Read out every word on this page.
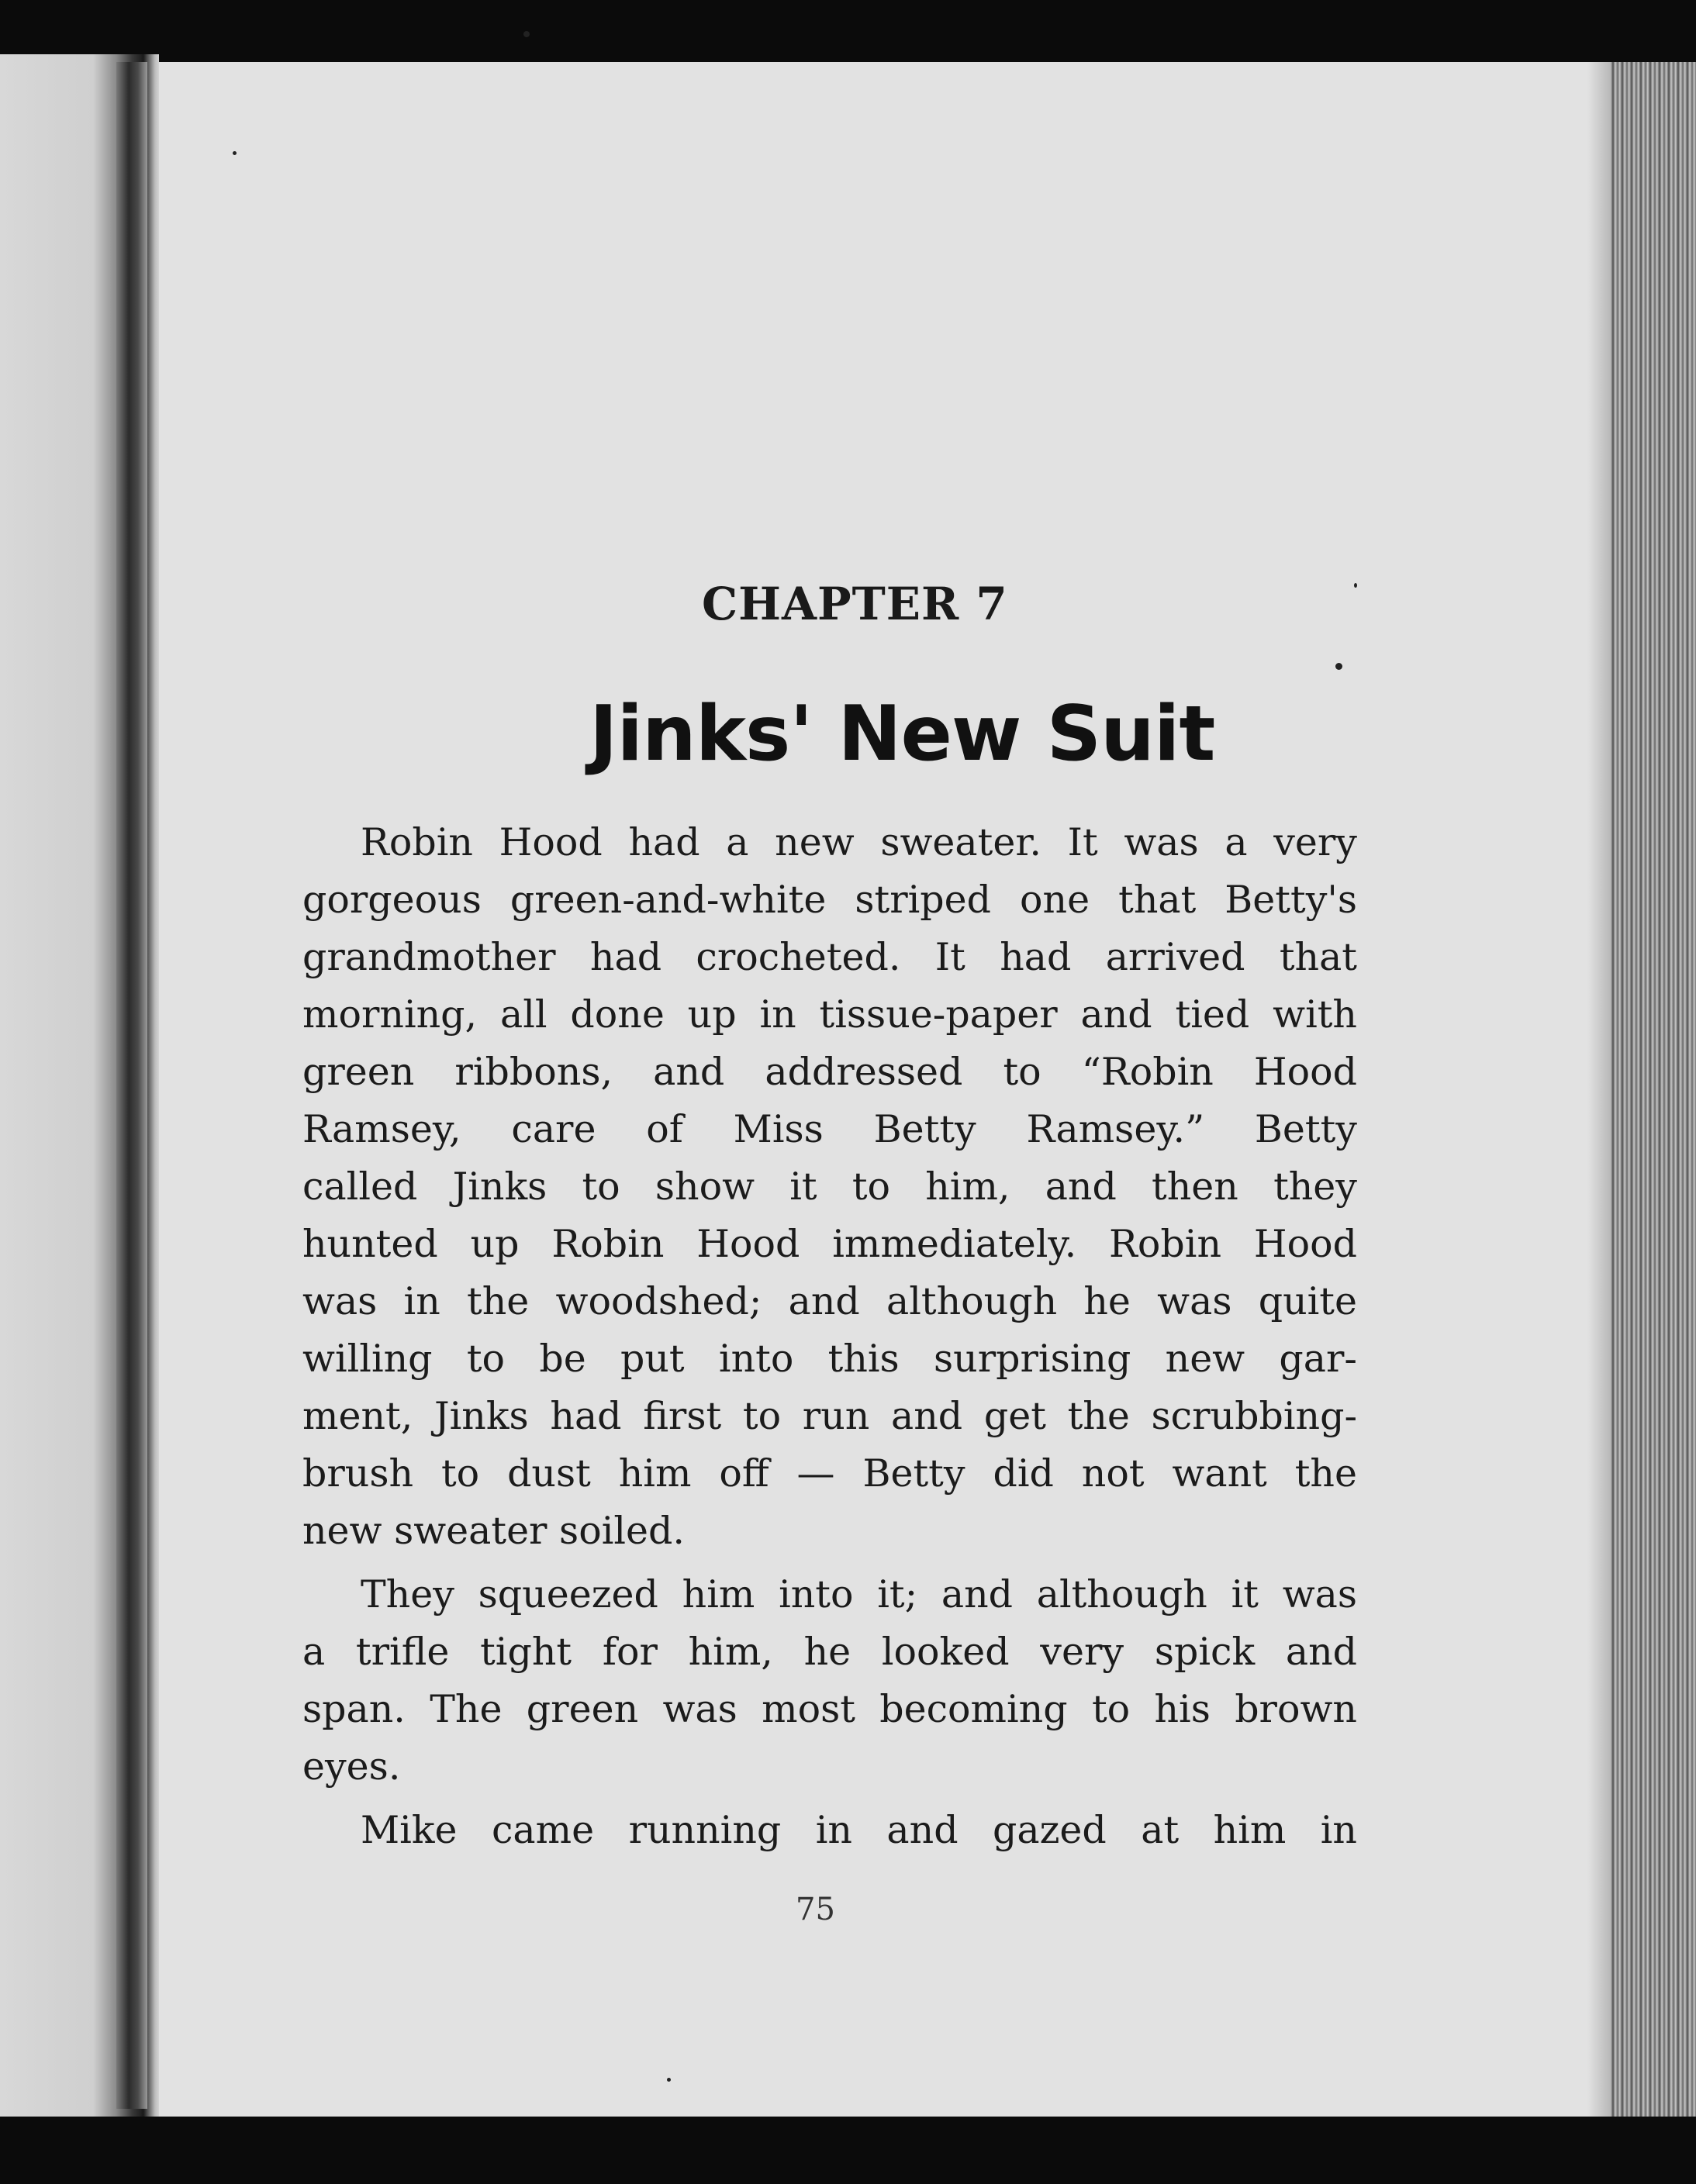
CHAPTER 7
Jinks' New Suit
Robin Hood had a new sweater. It was a very
gorgeous green-and-white striped one that Betty's
grandmother had crocheted. It had arrived that
morning, all done up in tissue-paper and tied with
green ribbons, and addressed to “Robin Hood
Ramsey, care of Miss Betty Ramsey.” Betty
called Jinks to show it to him, and then they
hunted up Robin Hood immediately. Robin Hood
was in the woodshed; and although he was quite
willing to be put into this surprising new gar-
ment, Jinks had first to run and get the scrubbing-
brush to dust him off — Betty did not want the
new sweater soiled.
They squeezed him into it; and although it was
a trifle tight for him, he looked very spick and
span. The green was most becoming to his brown
eyes.
Mike came running in and gazed at him in
75
